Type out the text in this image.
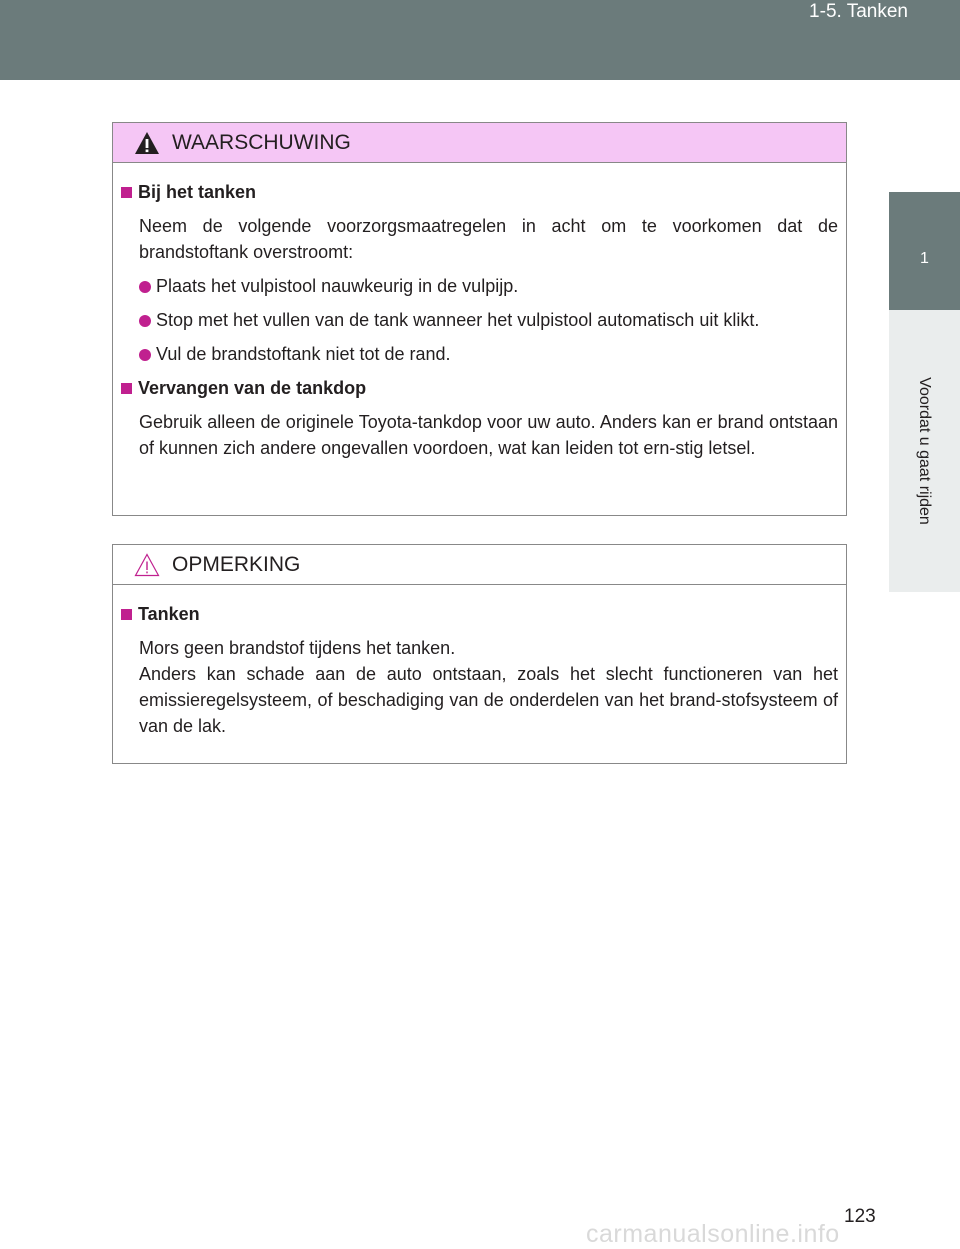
1-5. Tanken
1
Voordat u gaat rijden
WAARSCHUWING
Bij het tanken
Neem de volgende voorzorgsmaatregelen in acht om te voorkomen dat de brandstoftank overstroomt:
Plaats het vulpistool nauwkeurig in de vulpijp.
Stop met het vullen van de tank wanneer het vulpistool automatisch uit klikt.
Vul de brandstoftank niet tot de rand.
Vervangen van de tankdop
Gebruik alleen de originele Toyota-tankdop voor uw auto. Anders kan er brand ontstaan of kunnen zich andere ongevallen voordoen, wat kan leiden tot ern-stig letsel.
OPMERKING
Tanken
Mors geen brandstof tijdens het tanken.
Anders kan schade aan de auto ontstaan, zoals het slecht functioneren van het emissieregelsysteem, of beschadiging van de onderdelen van het brand-stofsysteem of van de lak.
123
carmanualsonline.info
